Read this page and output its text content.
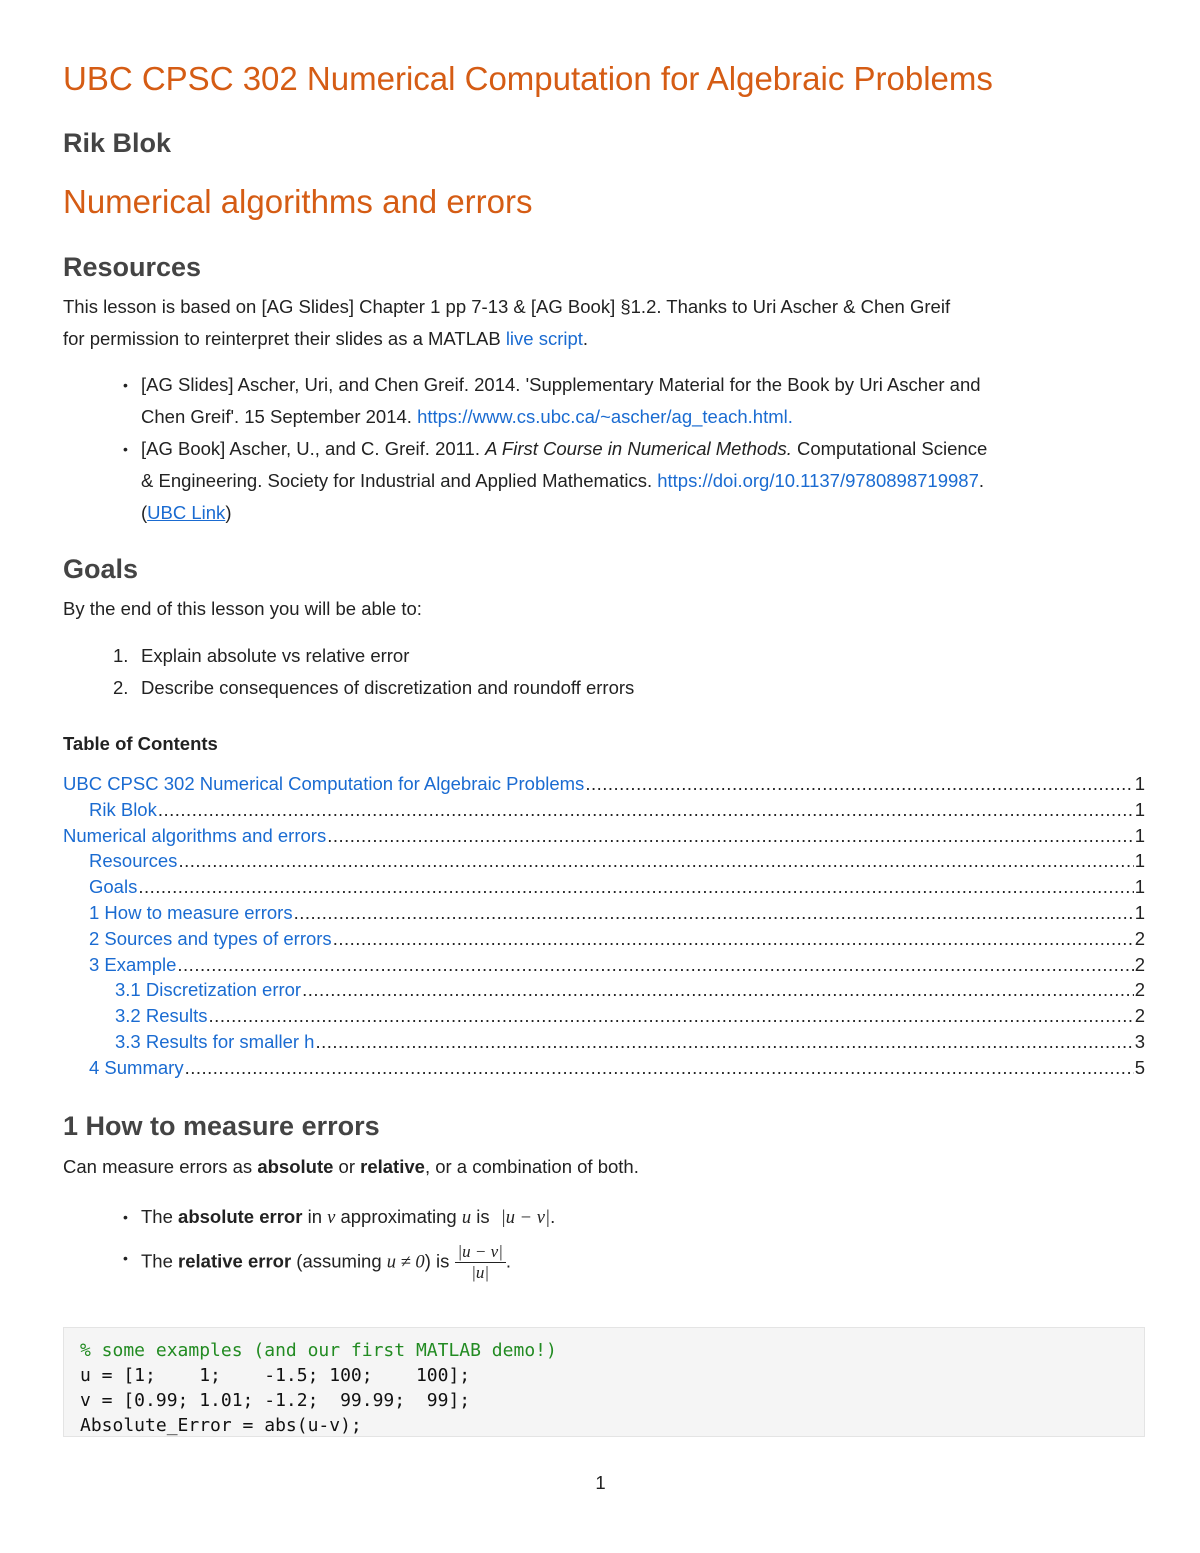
UBC CPSC 302 Numerical Computation for Algebraic Problems
Rik Blok
Numerical algorithms and errors
Resources
This lesson is based on [AG Slides] Chapter 1 pp 7-13 & [AG Book] §1.2. Thanks to Uri Ascher & Chen Greif
for permission to reinterpret their slides as a MATLAB live script.
• [AG Slides] Ascher, Uri, and Chen Greif. 2014. 'Supplementary Material for the Book by Uri Ascher and
Chen Greif'. 15 September 2014. https://www.cs.ubc.ca/~ascher/ag_teach.html.
• [AG Book] Ascher, U., and C. Greif. 2011. A First Course in Numerical Methods. Computational Science
& Engineering. Society for Industrial and Applied Mathematics. https://doi.org/10.1137/9780898719987.
(UBC Link)
Goals
By the end of this lesson you will be able to:
1. Explain absolute vs relative error
2. Describe consequences of discretization and roundoff errors
Table of Contents
UBC CPSC 302 Numerical Computation for Algebraic Problems .....	1
Rik Blok .....	1
Numerical algorithms and errors .....	1
Resources .....	1
Goals .....	1
1 How to measure errors .....	1
2 Sources and types of errors .....	2
3 Example .....	2
3.1 Discretization error .....	2
3.2 Results .....	2
3.3 Results for smaller h .....	3
4 Summary .....	5
1 How to measure errors
Can measure errors as absolute or relative, or a combination of both.
• The absolute error in v approximating u is |u − v|.
• The relative error (assuming u ≠ 0) is $\frac{|u - v|}{|u|}$ .
% some examples (and our first MATLAB demo!)
u = [1;    1;    -1.5; 100;    100];
v = [0.99; 1.01; -1.2;  99.99;  99];
Absolute_Error = abs(u-v);
1
